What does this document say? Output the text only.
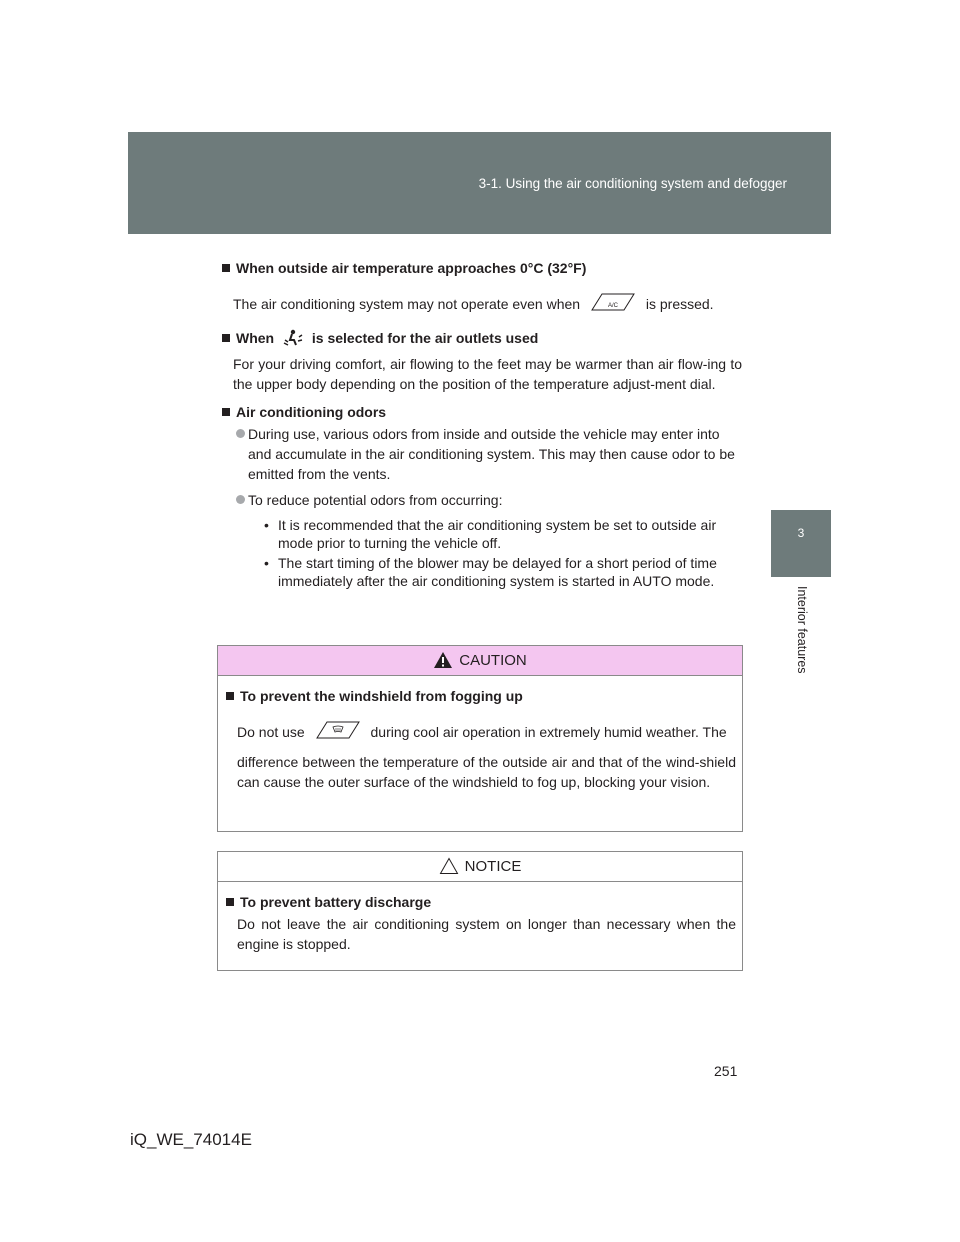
3-1. Using the air conditioning system and defogger
3
Interior features
When outside air temperature approaches 0°C (32°F)
The air conditioning system may not operate even when	A/C	is pressed.
When	is selected for the air outlets used
For your driving comfort, air flowing to the feet may be warmer than air flow-ing to the upper body depending on the position of the temperature adjust-ment dial.
Air conditioning odors
During use, various odors from inside and outside the vehicle may enter into and accumulate in the air conditioning system. This may then cause odor to be emitted from the vents.
To reduce potential odors from occurring:
• It is recommended that the air conditioning system be set to outside air mode prior to turning the vehicle off.
• The start timing of the blower may be delayed for a short period of time immediately after the air conditioning system is started in AUTO mode.
CAUTION
To prevent the windshield from fogging up
Do not use	during cool air operation in extremely humid weather. The
difference between the temperature of the outside air and that of the wind-shield can cause the outer surface of the windshield to fog up, blocking your vision.
NOTICE
To prevent battery discharge
Do not leave the air conditioning system on longer than necessary when the engine is stopped.
251
iQ_WE_74014E
